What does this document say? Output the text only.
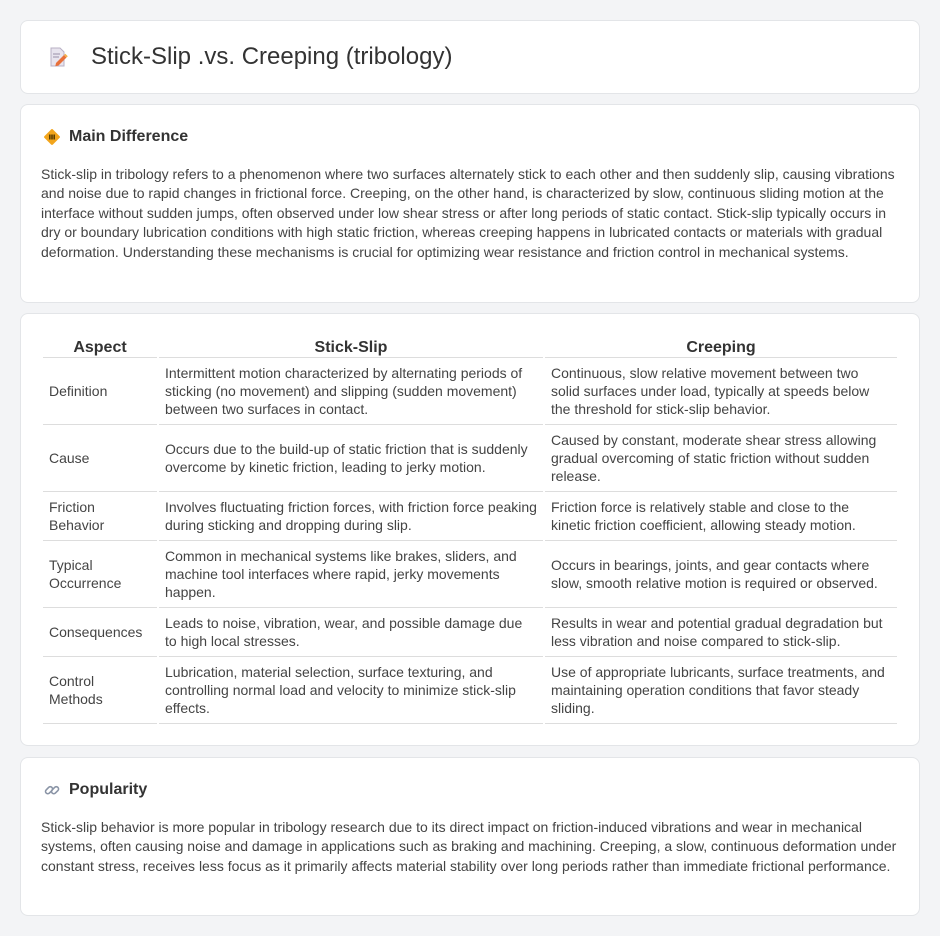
Stick-Slip .vs. Creeping (tribology)
Main Difference

Stick-slip in tribology refers to a phenomenon where two surfaces alternately stick to each other and then suddenly slip, causing vibrations and noise due to rapid changes in frictional force. Creeping, on the other hand, is characterized by slow, continuous sliding motion at the interface without sudden jumps, often observed under low shear stress or after long periods of static contact. Stick-slip typically occurs in dry or boundary lubrication conditions with high static friction, whereas creeping happens in lubricated contacts or materials with gradual deformation. Understanding these mechanisms is crucial for optimizing wear resistance and friction control in mechanical systems.

Aspect	Stick-Slip	Creeping
Definition	Intermittent motion characterized by alternating periods of sticking (no movement) and slipping (sudden movement) between two surfaces in contact.	Continuous, slow relative movement between two solid surfaces under load, typically at speeds below the threshold for stick-slip behavior.
Cause	Occurs due to the build-up of static friction that is suddenly overcome by kinetic friction, leading to jerky motion.	Caused by constant, moderate shear stress allowing gradual overcoming of static friction without sudden release.
Friction Behavior	Involves fluctuating friction forces, with friction force peaking during sticking and dropping during slip.	Friction force is relatively stable and close to the kinetic friction coefficient, allowing steady motion.
Typical Occurrence	Common in mechanical systems like brakes, sliders, and machine tool interfaces where rapid, jerky movements happen.	Occurs in bearings, joints, and gear contacts where slow, smooth relative motion is required or observed.
Consequences	Leads to noise, vibration, wear, and possible damage due to high local stresses.	Results in wear and potential gradual degradation but less vibration and noise compared to stick-slip.
Control Methods	Lubrication, material selection, surface texturing, and controlling normal load and velocity to minimize stick-slip effects.	Use of appropriate lubricants, surface treatments, and maintaining operation conditions that favor steady sliding.
Popularity

Stick-slip behavior is more popular in tribology research due to its direct impact on friction-induced vibrations and wear in mechanical systems, often causing noise and damage in applications such as braking and machining. Creeping, a slow, continuous deformation under constant stress, receives less focus as it primarily affects material stability over long periods rather than immediate frictional performance.
